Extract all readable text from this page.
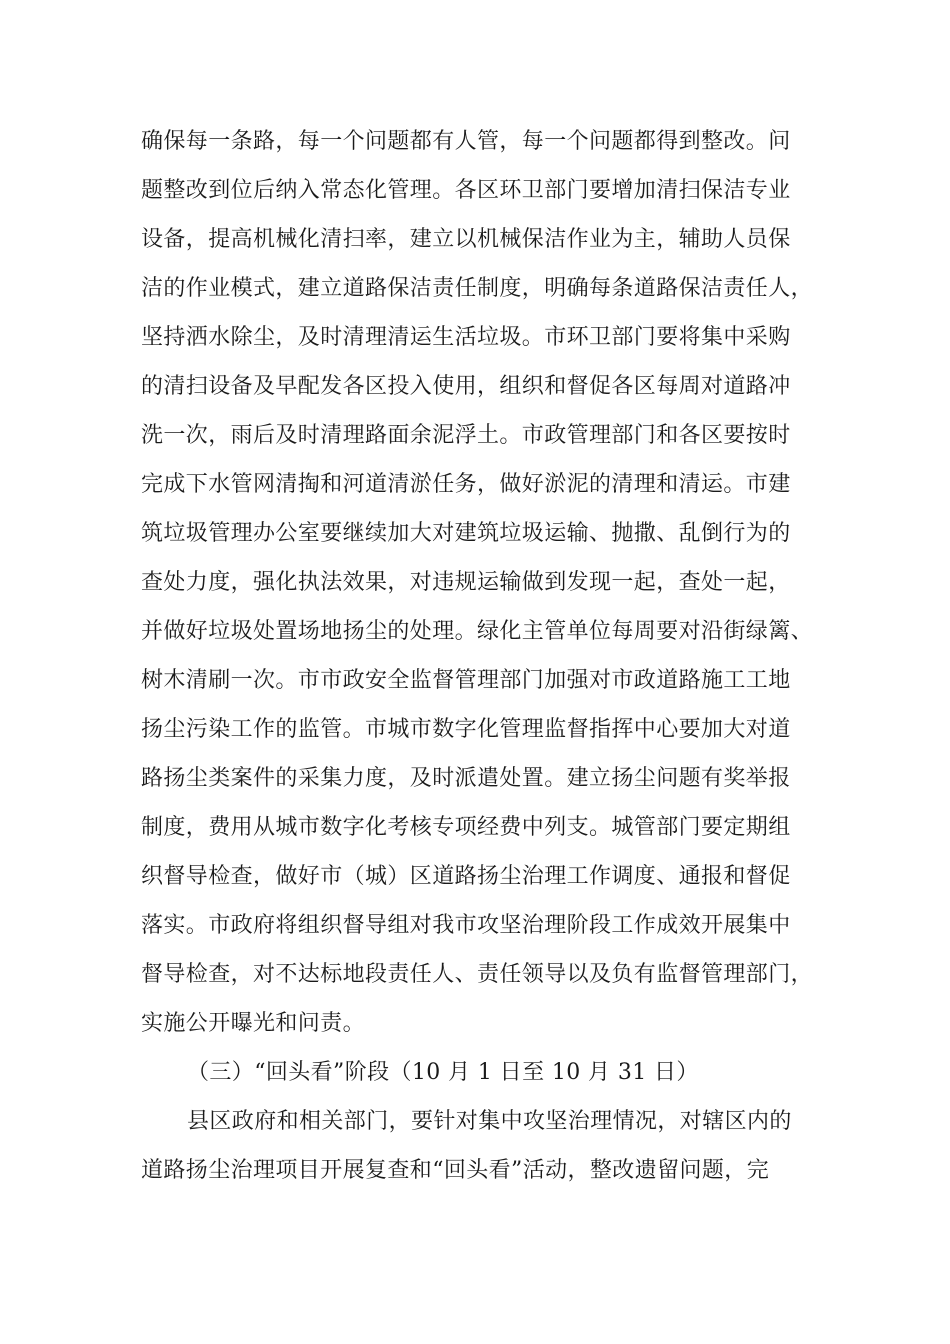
确保每一条路，每一个问题都有人管，每一个问题都得到整改。问
题整改到位后纳入常态化管理。各区环卫部门要增加清扫保洁专业
设备，提高机械化清扫率，建立以机械保洁作业为主，辅助人员保
洁的作业模式，建立道路保洁责任制度，明确每条道路保洁责任人，
坚持洒水除尘，及时清理清运生活垃圾。市环卫部门要将集中采购
的清扫设备及早配发各区投入使用，组织和督促各区每周对道路冲
洗一次，雨后及时清理路面余泥浮土。市政管理部门和各区要按时
完成下水管网清掏和河道清淤任务，做好淤泥的清理和清运。市建
筑垃圾管理办公室要继续加大对建筑垃圾运输、抛撒、乱倒行为的
查处力度，强化执法效果，对违规运输做到发现一起，查处一起，
并做好垃圾处置场地扬尘的处理。绿化主管单位每周要对沿街绿篱、
树木清刷一次。市市政安全监督管理部门加强对市政道路施工工地
扬尘污染工作的监管。市城市数字化管理监督指挥中心要加大对道
路扬尘类案件的采集力度，及时派遣处置。建立扬尘问题有奖举报
制度，费用从城市数字化考核专项经费中列支。城管部门要定期组
织督导检查，做好市（城）区道路扬尘治理工作调度、通报和督促
落实。市政府将组织督导组对我市攻坚治理阶段工作成效开展集中
督导检查，对不达标地段责任人、责任领导以及负有监督管理部门，
实施公开曝光和问责。
（三）“回头看”阶段（10 月 1 日至 10 月 31 日）
县区政府和相关部门，要针对集中攻坚治理情况，对辖区内的
道路扬尘治理项目开展复查和“回头看”活动，整改遗留问题，完
